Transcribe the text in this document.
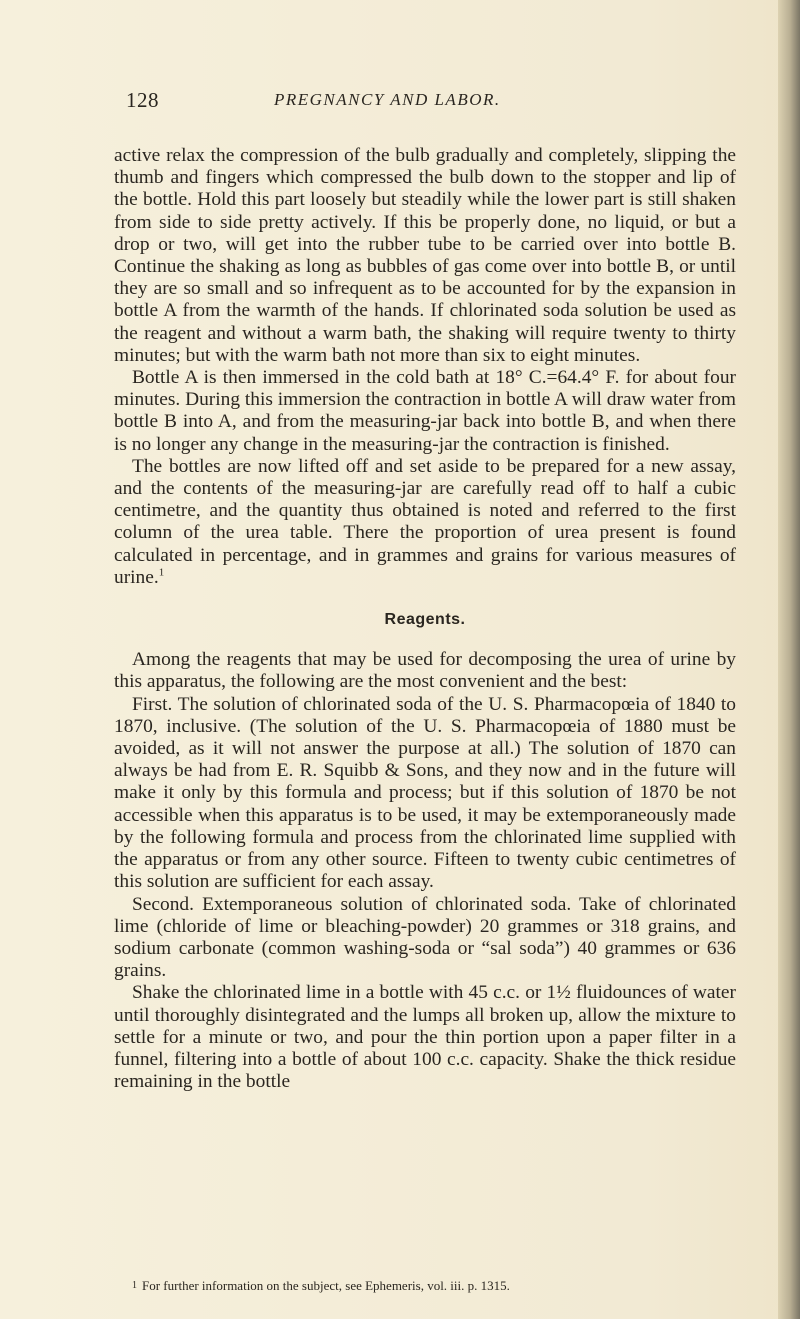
128	PREGNANCY AND LABOR.

active relax the compression of the bulb gradually and completely, slipping the thumb and fingers which compressed the bulb down to the stopper and lip of the bottle. Hold this part loosely but steadily while the lower part is still shaken from side to side pretty actively. If this be properly done, no liquid, or but a drop or two, will get into the rubber tube to be carried over into bottle B. Continue the shaking as long as bubbles of gas come over into bottle B, or until they are so small and so infrequent as to be accounted for by the expansion in bottle A from the warmth of the hands. If chlorinated soda solution be used as the reagent and without a warm bath, the shaking will require twenty to thirty minutes; but with the warm bath not more than six to eight minutes.

Bottle A is then immersed in the cold bath at 18° C.=64.4° F. for about four minutes. During this immersion the contraction in bottle A will draw water from bottle B into A, and from the measuring-jar back into bottle B, and when there is no longer any change in the measuring-jar the contraction is finished.

The bottles are now lifted off and set aside to be prepared for a new assay, and the contents of the measuring-jar are carefully read off to half a cubic centimetre, and the quantity thus obtained is noted and referred to the first column of the urea table. There the proportion of urea present is found calculated in percentage, and in grammes and grains for various measures of urine.$^1$

Reagents.

Among the reagents that may be used for decomposing the urea of urine by this apparatus, the following are the most convenient and the best:

First. The solution of chlorinated soda of the U. S. Pharmacopœia of 1840 to 1870, inclusive. (The solution of the U. S. Pharmacopœia of 1880 must be avoided, as it will not answer the purpose at all.) The solution of 1870 can always be had from E. R. Squibb & Sons, and they now and in the future will make it only by this formula and process; but if this solution of 1870 be not accessible when this apparatus is to be used, it may be extemporaneously made by the following formula and process from the chlorinated lime supplied with the apparatus or from any other source. Fifteen to twenty cubic centimetres of this solution are sufficient for each assay.

Second. Extemporaneous solution of chlorinated soda. Take of chlorinated lime (chloride of lime or bleaching-powder) 20 grammes or 318 grains, and sodium carbonate (common washing-soda or “sal soda”) 40 grammes or 636 grains.

Shake the chlorinated lime in a bottle with 45 c.c. or 1½ fluidounces of water until thoroughly disintegrated and the lumps all broken up, allow the mixture to settle for a minute or two, and pour the thin portion upon a paper filter in a funnel, filtering into a bottle of about 100 c.c. capacity. Shake the thick residue remaining in the bottle

1 For further information on the subject, see Ephemeris, vol. iii. p. 1315.
